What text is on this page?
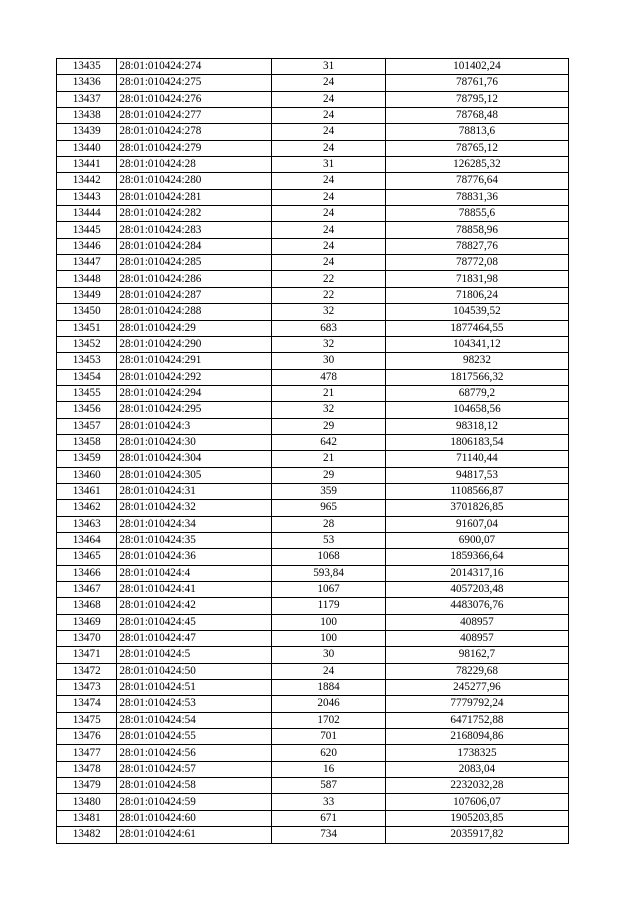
13435	28:01:010424:274	31	101402,24
13436	28:01:010424:275	24	78761,76
13437	28:01:010424:276	24	78795,12
13438	28:01:010424:277	24	78768,48
13439	28:01:010424:278	24	78813,6
13440	28:01:010424:279	24	78765,12
13441	28:01:010424:28	31	126285,32
13442	28:01:010424:280	24	78776,64
13443	28:01:010424:281	24	78831,36
13444	28:01:010424:282	24	78855,6
13445	28:01:010424:283	24	78858,96
13446	28:01:010424:284	24	78827,76
13447	28:01:010424:285	24	78772,08
13448	28:01:010424:286	22	71831,98
13449	28:01:010424:287	22	71806,24
13450	28:01:010424:288	32	104539,52
13451	28:01:010424:29	683	1877464,55
13452	28:01:010424:290	32	104341,12
13453	28:01:010424:291	30	98232
13454	28:01:010424:292	478	1817566,32
13455	28:01:010424:294	21	68779,2
13456	28:01:010424:295	32	104658,56
13457	28:01:010424:3	29	98318,12
13458	28:01:010424:30	642	1806183,54
13459	28:01:010424:304	21	71140,44
13460	28:01:010424:305	29	94817,53
13461	28:01:010424:31	359	1108566,87
13462	28:01:010424:32	965	3701826,85
13463	28:01:010424:34	28	91607,04
13464	28:01:010424:35	53	6900,07
13465	28:01:010424:36	1068	1859366,64
13466	28:01:010424:4	593,84	2014317,16
13467	28:01:010424:41	1067	4057203,48
13468	28:01:010424:42	1179	4483076,76
13469	28:01:010424:45	100	408957
13470	28:01:010424:47	100	408957
13471	28:01:010424:5	30	98162,7
13472	28:01:010424:50	24	78229,68
13473	28:01:010424:51	1884	245277,96
13474	28:01:010424:53	2046	7779792,24
13475	28:01:010424:54	1702	6471752,88
13476	28:01:010424:55	701	2168094,86
13477	28:01:010424:56	620	1738325
13478	28:01:010424:57	16	2083,04
13479	28:01:010424:58	587	2232032,28
13480	28:01:010424:59	33	107606,07
13481	28:01:010424:60	671	1905203,85
13482	28:01:010424:61	734	2035917,82
